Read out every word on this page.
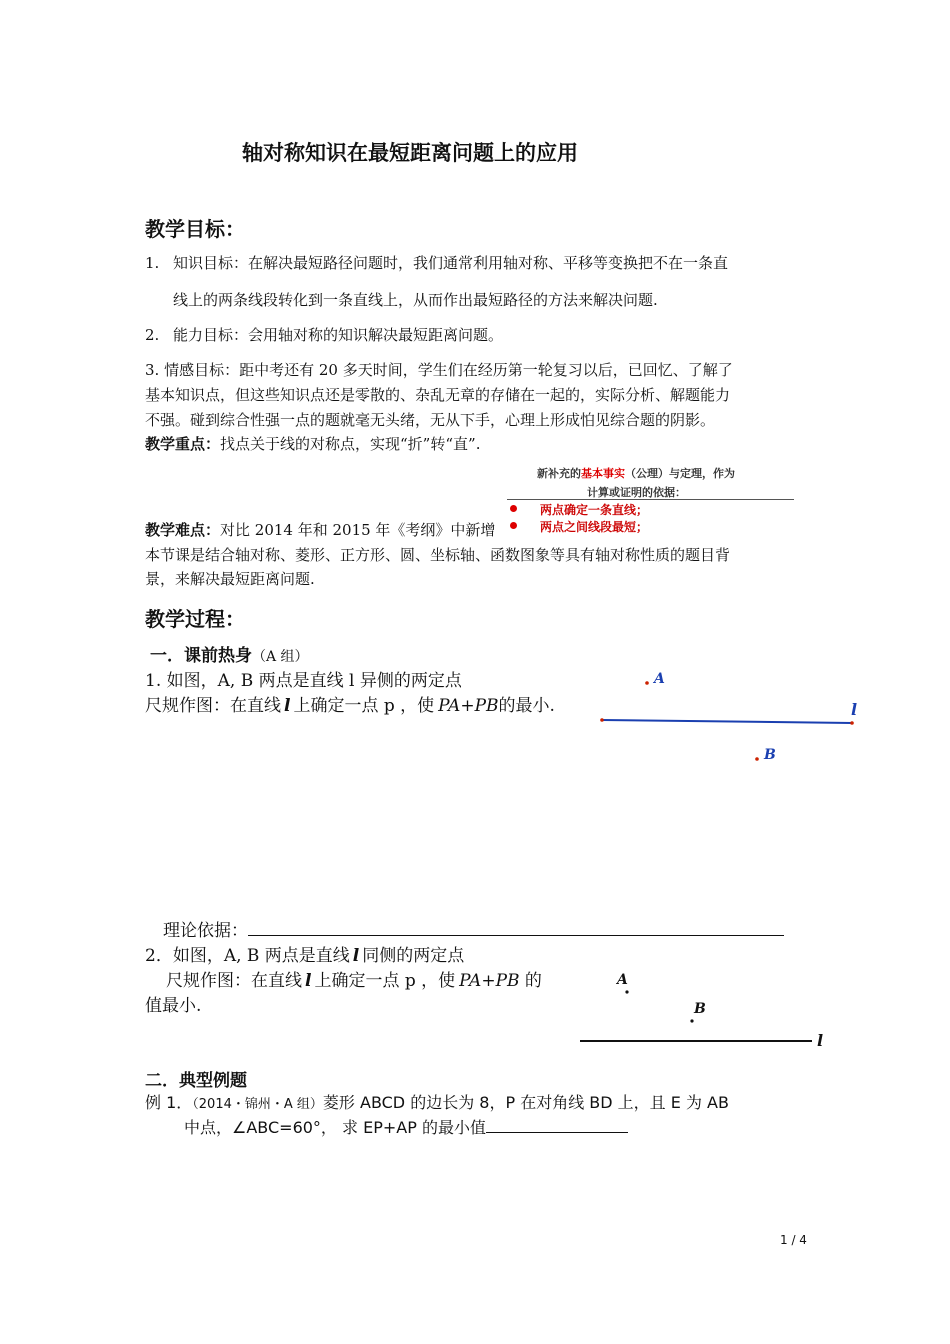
轴对称知识在最短距离问题上的应用
教学目标：
1. 知识目标：在解决最短路径问题时，我们通常利用轴对称、平移等变换把不在一条直
线上的两条线段转化到一条直线上，从而作出最短路径的方法来解决问题.
2. 能力目标：会用轴对称的知识解决最短距离问题。
3. 情感目标：距中考还有 20 多天时间，学生们在经历第一轮复习以后，已回忆、了解了
基本知识点，但这些知识点还是零散的、杂乱无章的存储在一起的，实际分析、解题能力
不强。碰到综合性强一点的题就毫无头绪，无从下手，心理上形成怕见综合题的阴影。
教学重点：找点关于线的对称点，实现“折”转“直”.
新补充的基本事实（公理）与定理，作为
计算或证明的依据：
两点确定一条直线；
两点之间线段最短；
教学难点：对比 2014 年和 2015 年《考纲》中新增
本节课是结合轴对称、菱形、正方形、圆、坐标轴、函数图象等具有轴对称性质的题目背
景，来解决最短距离问题.
教学过程：
一．课前热身（A 组）
1. 如图，A, B 两点是直线 l 异侧的两定点
尺规作图：在直线 l 上确定一点 p ，使 PA+PB的最小.
A
l
B
理论依据：
2．如图，A, B 两点是直线 l 同侧的两定点
尺规作图：在直线 l 上确定一点 p ，使 PA+PB 的
值最小.
A
B
l
二．典型例题
例 1．（2014・锦州・A 组）菱形 ABCD 的边长为 8，P 在对角线 BD 上，且 E 为 AB
中点，∠ABC=60°， 求 EP+AP 的最小值
1 / 4
